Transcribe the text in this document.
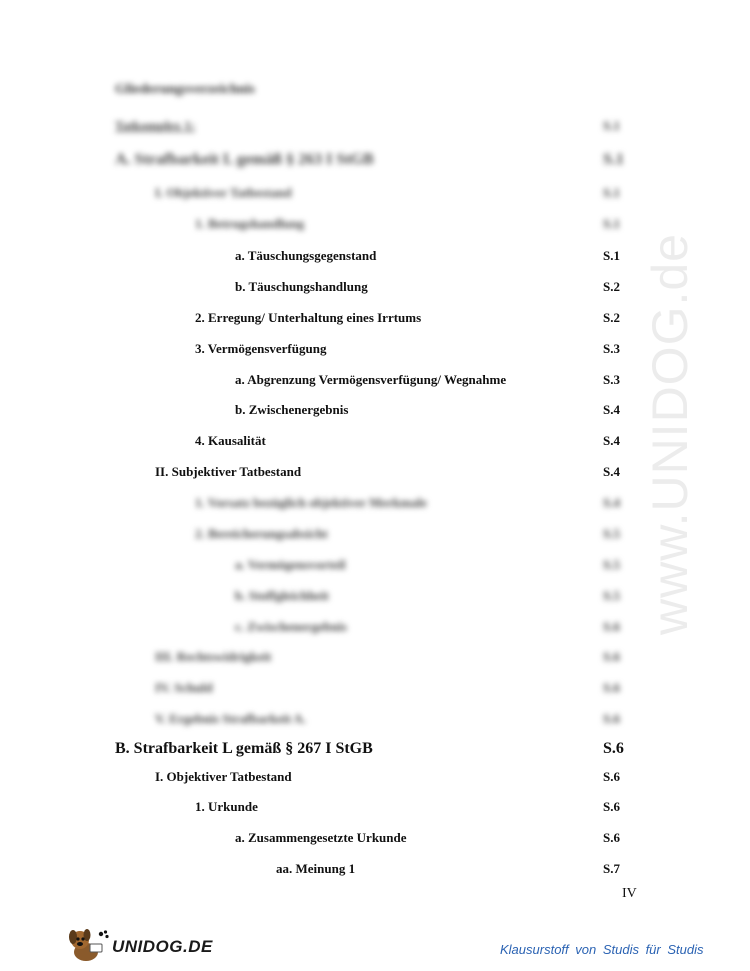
Gliederungsverzeichnis
Tatkomplex 1:	S.1
A. Strafbarkeit L gemäß § 263 I StGB	S.1
I. Objektiver Tatbestand	S.1
1. Betrugshandlung	S.1
a. Täuschungsgegenstand	S.1
b. Täuschungshandlung	S.2
2. Erregung/ Unterhaltung eines Irrtums	S.2
3. Vermögensverfügung	S.3
a. Abgrenzung Vermögensverfügung/ Wegnahme	S.3
b. Zwischenergebnis	S.4
4. Kausalität	S.4
II. Subjektiver Tatbestand	S.4
1. Vorsatz bezüglich objektiver Merkmale	S.4
2. Bereicherungsabsicht	S.5
a. Vermögensvorteil	S.5
b. Stoffgleichheit	S.5
c. Zwischenergebnis	S.6
III. Rechtswidrigkeit	S.6
IV. Schuld	S.6
V. Ergebnis Strafbarkeit A.	S.6
B. Strafbarkeit L gemäß § 267 I StGB	S.6
I. Objektiver Tatbestand	S.6
1. Urkunde	S.6
a. Zusammengesetzte Urkunde	S.6
aa. Meinung 1	S.7
IV
www.UNIDOG.de
UNIDOG.DE	Klausurstoff von Studis für Studis
